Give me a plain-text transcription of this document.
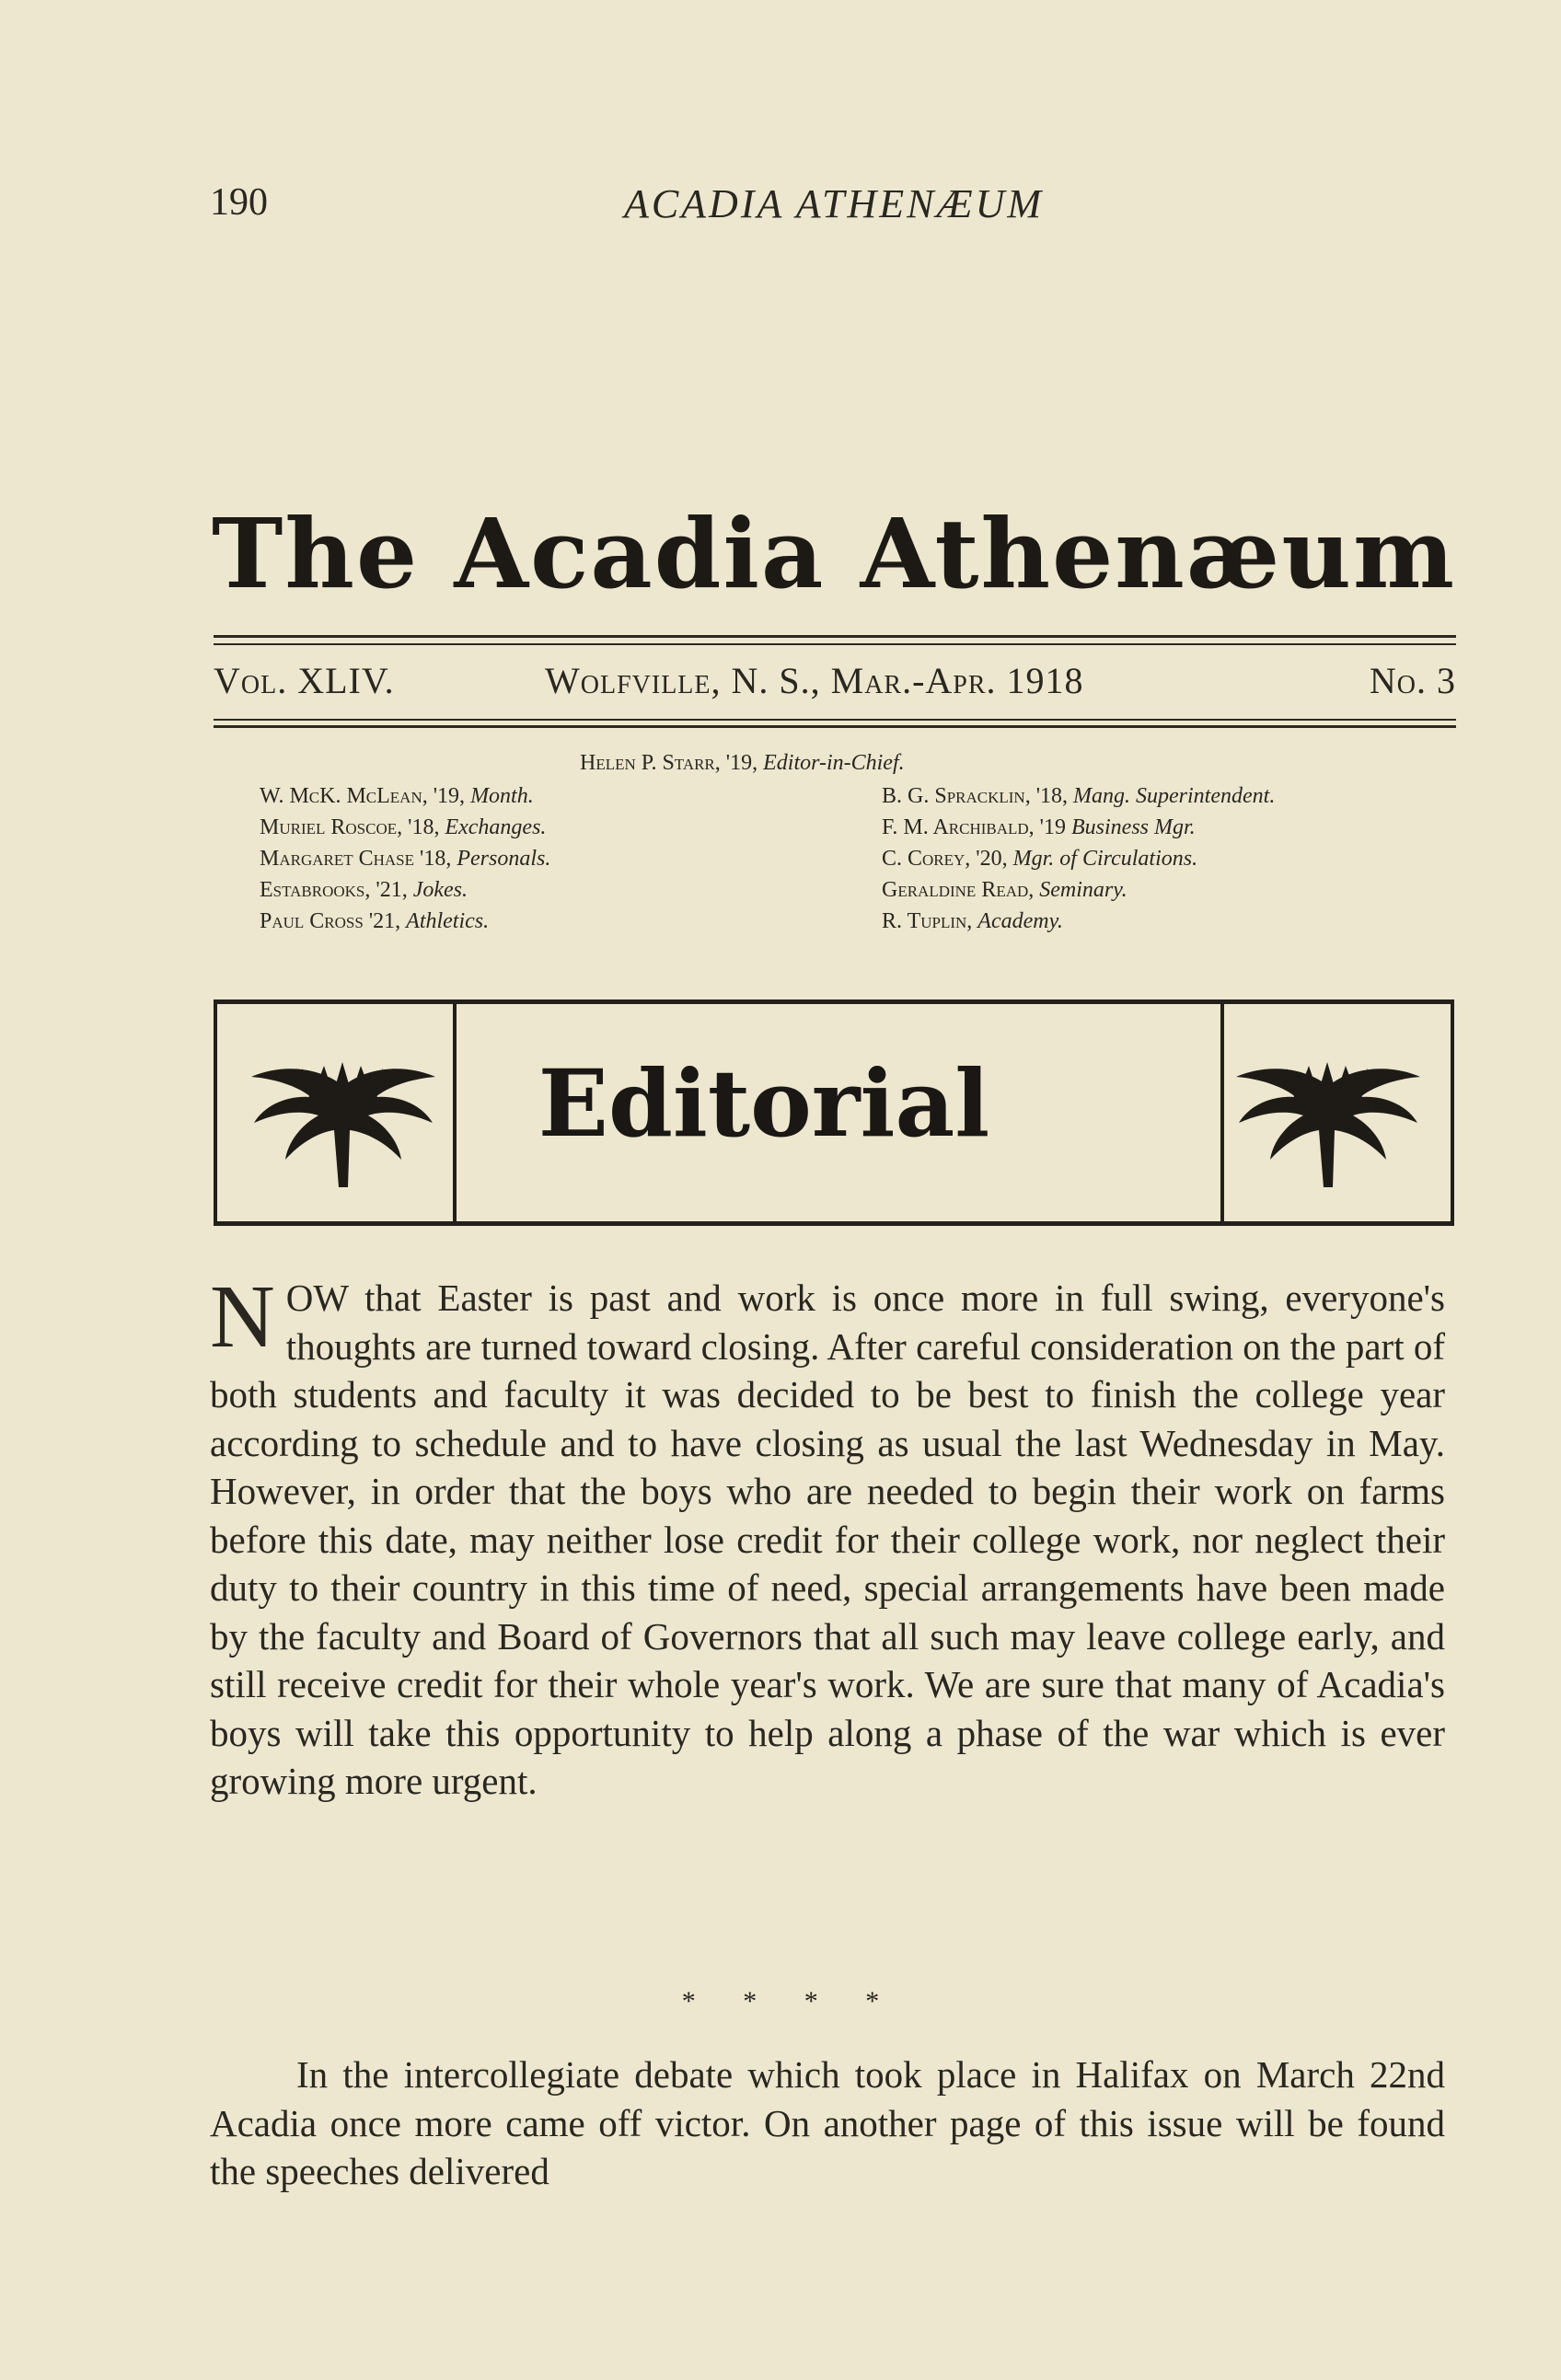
190	ACADIA ATHENÆUM
The Acadia Athenæum
Vol. XLIV.	Wolfville, N. S., Mar.-Apr. 1918	No. 3
Helen P. Starr, '19, Editor-in-Chief.
W. McK. McLean, '19, Month.
Muriel Roscoe, '18, Exchanges.
Margaret Chase '18, Personals.
Estabrooks, '21, Jokes.
Paul Cross '21, Athletics.
B. G. Spracklin, '18, Mang. Superintendent.
F. M. Archibald, '19 Business Mgr.
C. Corey, '20, Mgr. of Circulations.
Geraldine Read, Seminary.
R. Tuplin, Academy.
Editorial
NOW that Easter is past and work is once more in full swing, everyone's thoughts are turned toward closing. After careful consideration on the part of both students and faculty it was decided to be best to finish the college year according to schedule and to have closing as usual the last Wednesday in May. However, in order that the boys who are needed to begin their work on farms before this date, may neither lose credit for their college work, nor neglect their duty to their country in this time of need, special arrangements have been made by the faculty and Board of Governors that all such may leave college early, and still receive credit for their whole year's work. We are sure that many of Acadia's boys will take this opportunity to help along a phase of the war which is ever growing more urgent.
* * * *
In the intercollegiate debate which took place in Halifax on March 22nd Acadia once more came off victor. On another page of this issue will be found the speeches delivered
